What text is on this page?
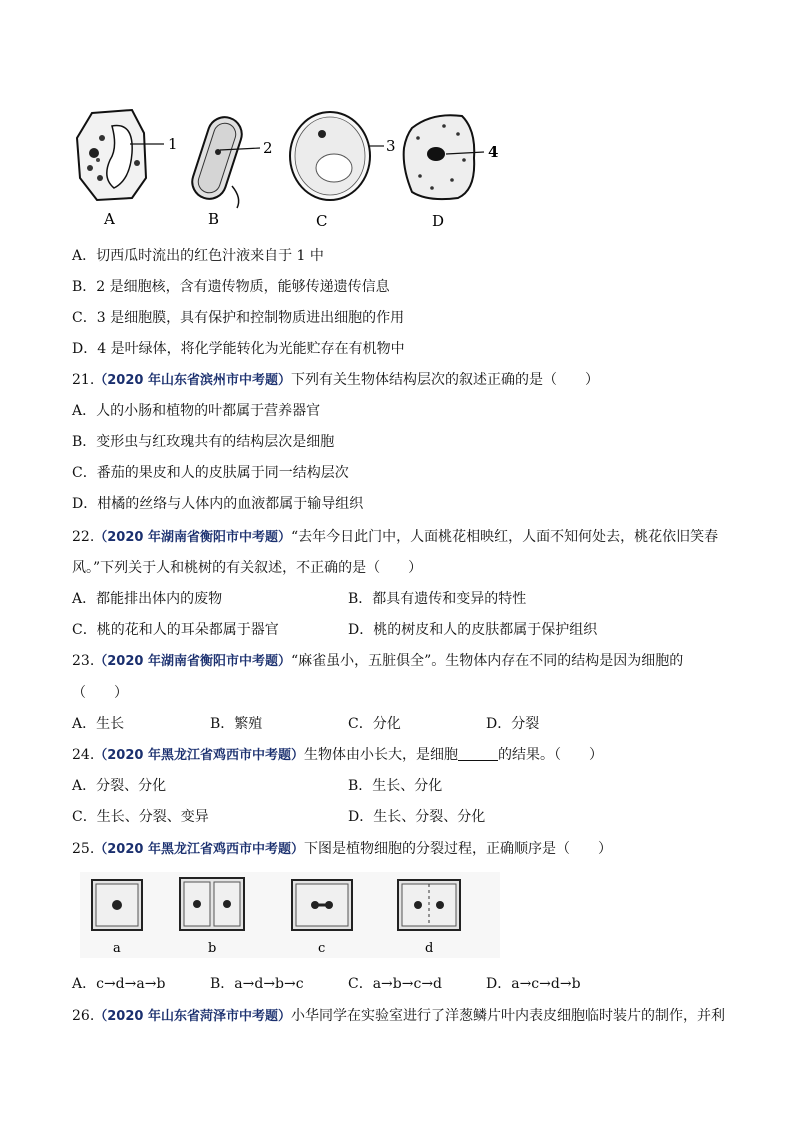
1	2	3	4
A	B	C	D
A．切西瓜时流出的红色汁液来自于 1 中
B．2 是细胞核，含有遗传物质，能够传递遗传信息
C．3 是细胞膜，具有保护和控制物质进出细胞的作用
D．4 是叶绿体，将化学能转化为光能贮存在有机物中
21.（2020 年山东省滨州市中考题）下列有关生物体结构层次的叙述正确的是（　　）
A．人的小肠和植物的叶都属于营养器官
B．变形虫与红玫瑰共有的结构层次是细胞
C．番茄的果皮和人的皮肤属于同一结构层次
D．柑橘的丝络与人体内的血液都属于输导组织
22.（2020 年湖南省衡阳市中考题）“去年今日此门中，人面桃花相映红，人面不知何处去，桃花依旧笑春
风。”下列关于人和桃树的有关叙述，不正确的是（　　）
A．都能排出体内的废物	B．都具有遗传和变异的特性
C．桃的花和人的耳朵都属于器官	D．桃的树皮和人的皮肤都属于保护组织
23.（2020 年湖南省衡阳市中考题）“麻雀虽小，五脏俱全”。生物体内存在不同的结构是因为细胞的
（　　）
A．生长	B．繁殖	C．分化	D．分裂
24.（2020 年黑龙江省鸡西市中考题）生物体由小长大，是细胞	的结果。（　　）
A．分裂、分化	B．生长、分化
C．生长、分裂、变异	D．生长、分裂、分化
25.（2020 年黑龙江省鸡西市中考题）下图是植物细胞的分裂过程，正确顺序是（　　）
a	b	c	d
A．c→d→a→b	B．a→d→b→c	C．a→b→c→d	D．a→c→d→b
26.（2020 年山东省菏泽市中考题）小华同学在实验室进行了洋葱鳞片叶内表皮细胞临时装片的制作，并利
